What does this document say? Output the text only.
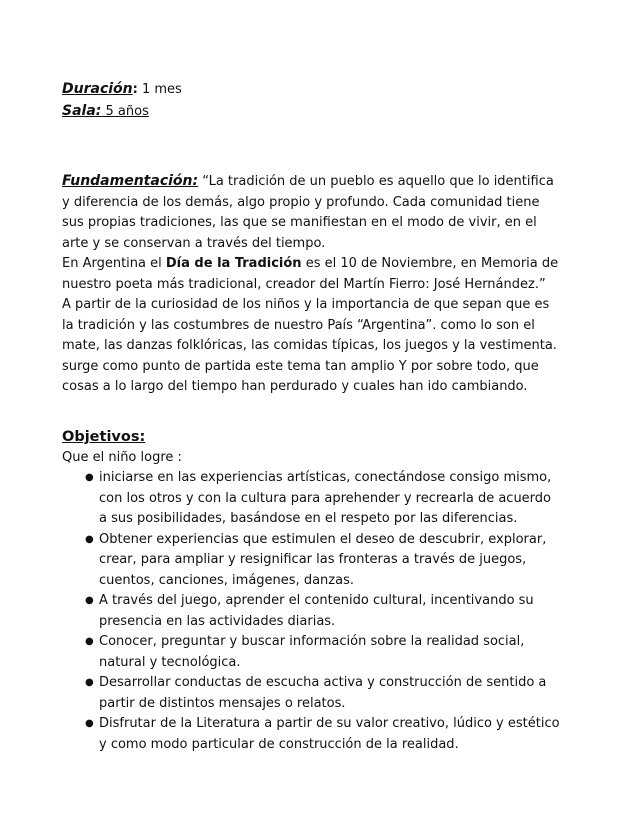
Duración: 1 mes
Sala: 5 años
Fundamentación: “La tradición de un pueblo es aquello que lo identifica y diferencia de los demás, algo propio y profundo. Cada comunidad tiene sus propias tradiciones, las que se manifiestan en el modo de vivir, en el arte y se conservan a través del tiempo.
En Argentina el Día de la Tradición es el 10 de Noviembre, en Memoria de nuestro poeta más tradicional, creador del Martín Fierro: José Hernández.”
A partir de la curiosidad de los niños y la importancia de que sepan que es la tradición y las costumbres de nuestro País “Argentina”. como lo son el mate, las danzas folklóricas, las comidas típicas, los juegos y la vestimenta. surge como punto de partida este tema tan amplio Y por sobre todo, que cosas a lo largo del tiempo han perdurado y cuales han ido cambiando.
Objetivos:
Que el niño logre :
● iniciarse en las experiencias artísticas, conectándose consigo mismo, con los otros y con la cultura para aprehender y recrearla de acuerdo a sus posibilidades, basándose en el respeto por las diferencias.
● Obtener experiencias que estimulen el deseo de descubrir, explorar, crear, para ampliar y resignificar las fronteras a través de juegos, cuentos, canciones, imágenes, danzas.
● A través del juego, aprender el contenido cultural, incentivando su presencia en las actividades diarias.
● Conocer, preguntar y buscar información sobre la realidad social, natural y tecnológica.
● Desarrollar conductas de escucha activa y construcción de sentido a partir de distintos mensajes o relatos.
● Disfrutar de la Literatura a partir de su valor creativo, lúdico y estético y como modo particular de construcción de la realidad.
